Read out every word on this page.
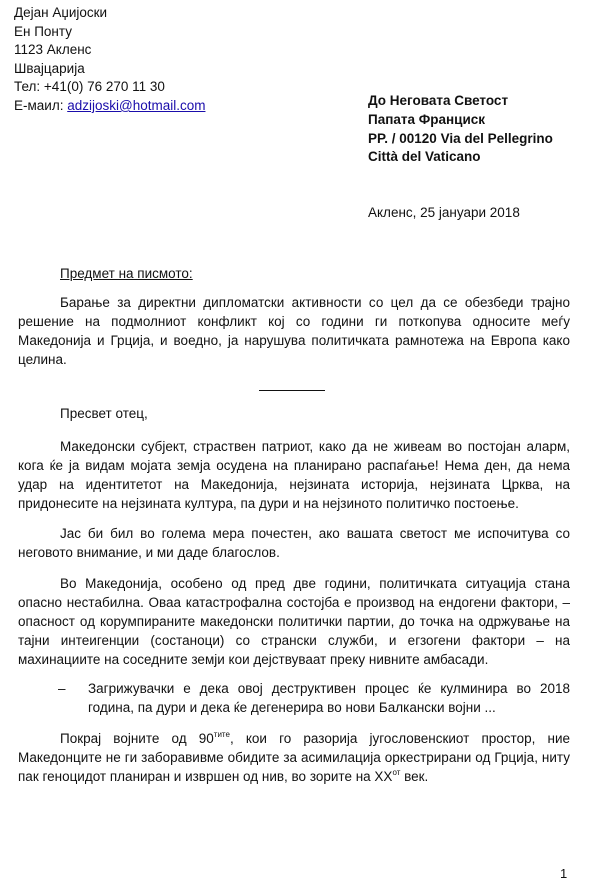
Дејан Аџијоски
Ен Понту
1123 Акленс
Швајцарија
Тел: +41(0) 76 270 11 30
E-маил: adzijoski@hotmail.com	До Неговата Светост
Папата Франциск
PP. / 00120 Via del Pellegrino
Città del Vaticano
Акленс, 25 јануари 2018
Предмет на писмото:
Барање за директни дипломатски активности со цел да се обезбеди трајно решение на подмолниот конфликт кој со години ги поткопува односите меѓу Македонија и Грција, и воедно, ја нарушува политичката рамнотежа на Европа како целина.
Пресвет отец,
Македонски субјект, страствен патриот, како да не живеам во постојан аларм, кога ќе ја видам мојата земја осудена на планирано распаѓање! Нема ден, да нема удар на идентитетот на Македонија, нејзината историја, нејзината Црква, на придонесите на нејзината култура, па дури и на нејзиното политичко постоење.
Јас би бил во голема мера почестен, ако вашата светост ме испочитува со неговото внимание, и ми даде благослов.
Во Македонија, особено од пред две години, политичката ситуација стана опасно нестабилна. Оваа катастрофална состојба е производ на ендогени фактори, – опасност од корумпираните македонски политички партии, до точка на одржување на тајни интеигенции (состаноци) со странски служби, и егзогени фактори – на махинациите на соседните земји кои дејствуваат преку нивните амбасади.
– Загрижувачки е дека овој деструктивен процес ќе кулминира во 2018 година, па дури и дека ќе дегенерира во нови Балкански војни ...
Покрај војните од $90^{тите}$, кои го разорија југословенскиот простор, ние Македонците не ги заборавивме обидите за асимилација оркестрирани од Грција, ниту пак геноцидот планиран и извршен од нив, во зорите на $XX^{от}$ век.
1
